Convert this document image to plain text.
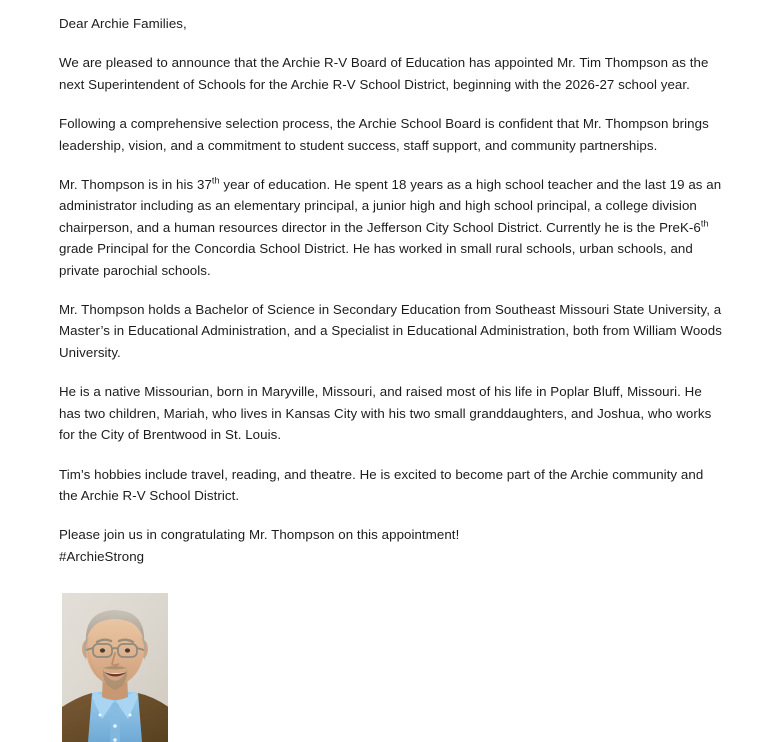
Dear Archie Families,

We are pleased to announce that the Archie R-V Board of Education has appointed Mr. Tim Thompson as the next Superintendent of Schools for the Archie R-V School District, beginning with the 2026-27 school year.

Following a comprehensive selection process, the Archie School Board is confident that Mr. Thompson brings leadership, vision, and a commitment to student success, staff support, and community partnerships.

Mr. Thompson is in his 37th year of education. He spent 18 years as a high school teacher and the last 19 as an administrator including as an elementary principal, a junior high and high school principal, a college division chairperson, and a human resources director in the Jefferson City School District. Currently he is the PreK-6th grade Principal for the Concordia School District. He has worked in small rural schools, urban schools, and private parochial schools.

Mr. Thompson holds a Bachelor of Science in Secondary Education from Southeast Missouri State University, a Master’s in Educational Administration, and a Specialist in Educational Administration, both from William Woods University.

He is a native Missourian, born in Maryville, Missouri, and raised most of his life in Poplar Bluff, Missouri. He has two children, Mariah, who lives in Kansas City with his two small granddaughters, and Joshua, who works for the City of Brentwood in St. Louis.

Tim’s hobbies include travel, reading, and theatre. He is excited to become part of the Archie community and the Archie R-V School District.

Please join us in congratulating Mr. Thompson on this appointment!
#ArchieStrong
